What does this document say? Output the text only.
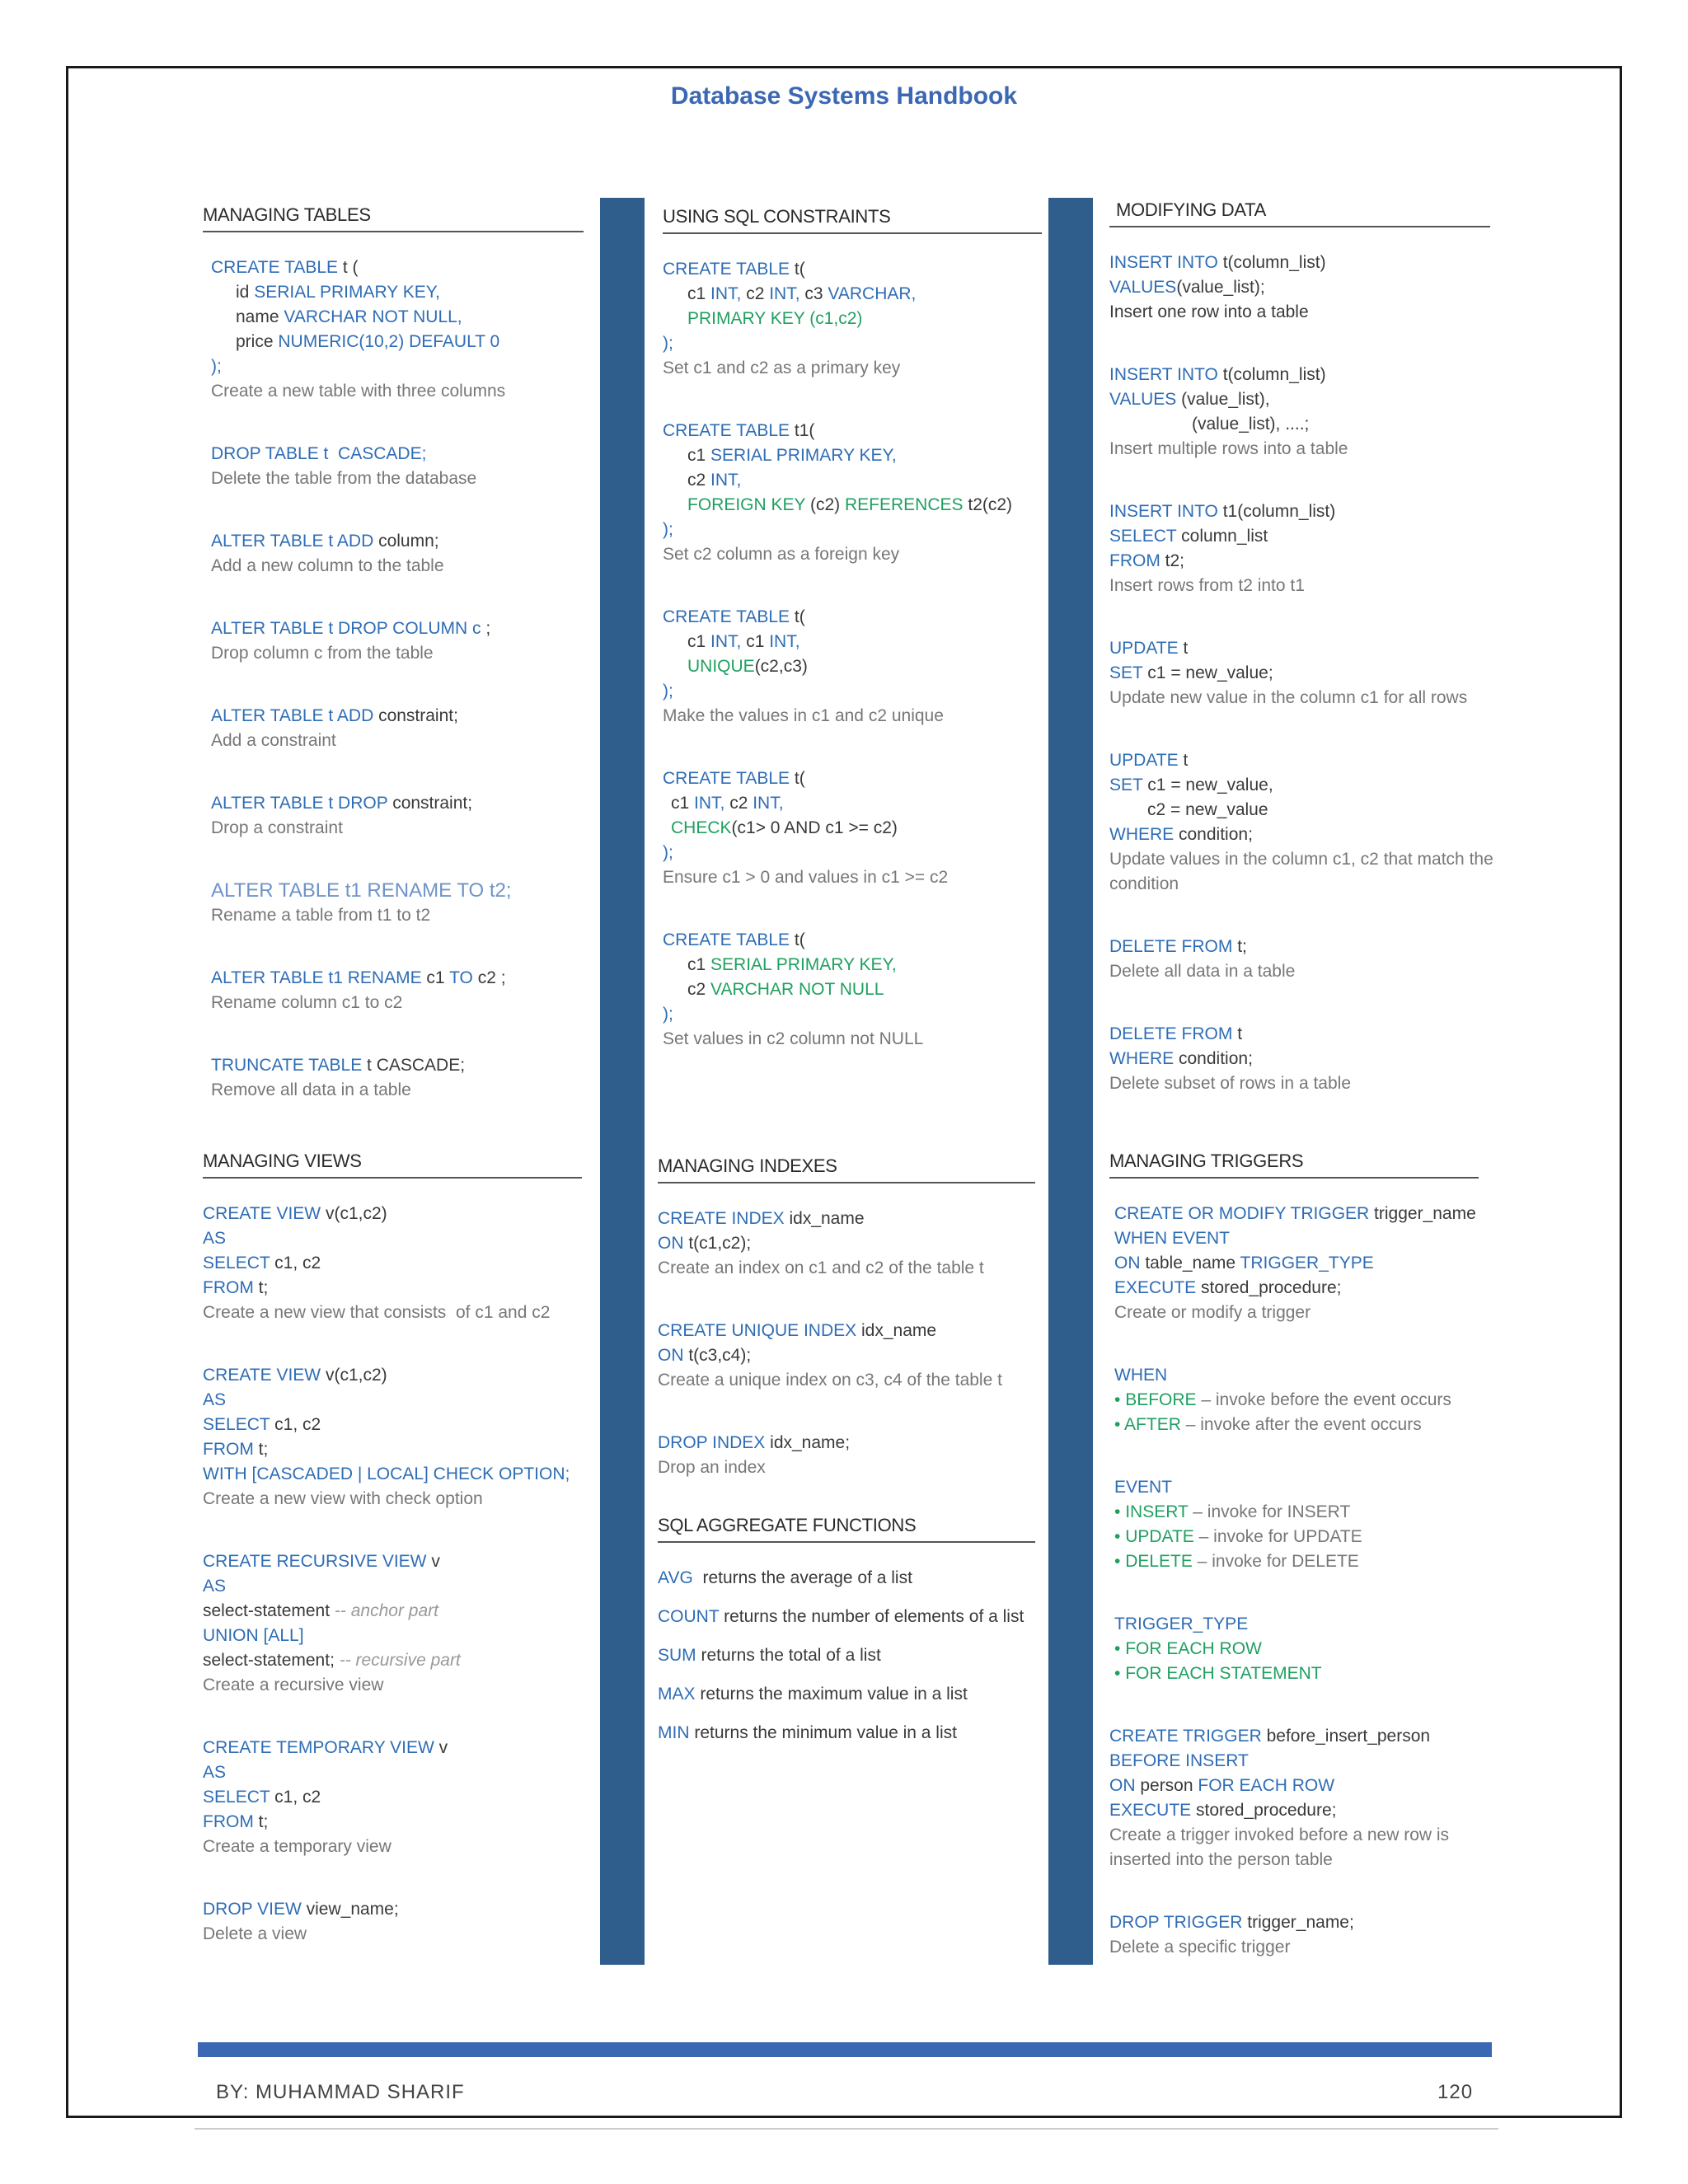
Database Systems Handbook
MANAGING TABLES
CREATE TABLE t (
id SERIAL PRIMARY KEY,
name VARCHAR NOT NULL,
price NUMERIC(10,2) DEFAULT 0
);
Create a new table with three columns
DROP TABLE t  CASCADE;
Delete the table from the database
ALTER TABLE t ADD column;
Add a new column to the table
ALTER TABLE t DROP COLUMN c ;
Drop column c from the table
ALTER TABLE t ADD constraint;
Add a constraint
ALTER TABLE t DROP constraint;
Drop a constraint
ALTER TABLE t1 RENAME TO t2;
Rename a table from t1 to t2
ALTER TABLE t1 RENAME c1 TO c2 ;
Rename column c1 to c2
TRUNCATE TABLE t CASCADE;
Remove all data in a table
USING SQL CONSTRAINTS
CREATE TABLE t(
c1 INT, c2 INT, c3 VARCHAR,
PRIMARY KEY (c1,c2)
);
Set c1 and c2 as a primary key
CREATE TABLE t1(
c1 SERIAL PRIMARY KEY,
c2 INT,
FOREIGN KEY (c2) REFERENCES t2(c2)
);
Set c2 column as a foreign key
CREATE TABLE t(
c1 INT, c1 INT,
UNIQUE(c2,c3)
);
Make the values in c1 and c2 unique
CREATE TABLE t(
c1 INT, c2 INT,
CHECK(c1> 0 AND c1 >= c2)
);
Ensure c1 > 0 and values in c1 >= c2
CREATE TABLE t(
c1 SERIAL PRIMARY KEY,
c2 VARCHAR NOT NULL
);
Set values in c2 column not NULL
MODIFYING DATA
INSERT INTO t(column_list)
VALUES(value_list);
Insert one row into a table
INSERT INTO t(column_list)
VALUES (value_list),
(value_list), ....;
Insert multiple rows into a table
INSERT INTO t1(column_list)
SELECT column_list
FROM t2;
Insert rows from t2 into t1
UPDATE t
SET c1 = new_value;
Update new value in the column c1 for all rows
UPDATE t
SET c1 = new_value,
c2 = new_value
WHERE condition;
Update values in the column c1, c2 that match the
condition
DELETE FROM t;
Delete all data in a table
DELETE FROM t
WHERE condition;
Delete subset of rows in a table
MANAGING VIEWS
CREATE VIEW v(c1,c2)
AS
SELECT c1, c2
FROM t;
Create a new view that consists  of c1 and c2
CREATE VIEW v(c1,c2)
AS
SELECT c1, c2
FROM t;
WITH [CASCADED | LOCAL] CHECK OPTION;
Create a new view with check option
CREATE RECURSIVE VIEW v
AS
select-statement -- anchor part
UNION [ALL]
select-statement; -- recursive part
Create a recursive view
CREATE TEMPORARY VIEW v
AS
SELECT c1, c2
FROM t;
Create a temporary view
DROP VIEW view_name;
Delete a view
MANAGING INDEXES
CREATE INDEX idx_name
ON t(c1,c2);
Create an index on c1 and c2 of the table t
CREATE UNIQUE INDEX idx_name
ON t(c3,c4);
Create a unique index on c3, c4 of the table t
DROP INDEX idx_name;
Drop an index
SQL AGGREGATE FUNCTIONS
AVG  returns the average of a list
COUNT returns the number of elements of a list
SUM returns the total of a list
MAX returns the maximum value in a list
MIN returns the minimum value in a list
MANAGING TRIGGERS
CREATE OR MODIFY TRIGGER trigger_name
WHEN EVENT
ON table_name TRIGGER_TYPE
EXECUTE stored_procedure;
Create or modify a trigger
WHEN
• BEFORE – invoke before the event occurs
• AFTER – invoke after the event occurs
EVENT
• INSERT – invoke for INSERT
• UPDATE – invoke for UPDATE
• DELETE – invoke for DELETE
TRIGGER_TYPE
• FOR EACH ROW
• FOR EACH STATEMENT
CREATE TRIGGER before_insert_person
BEFORE INSERT
ON person FOR EACH ROW
EXECUTE stored_procedure;
Create a trigger invoked before a new row is
inserted into the person table
DROP TRIGGER trigger_name;
Delete a specific trigger
BY: MUHAMMAD SHARIF	120
